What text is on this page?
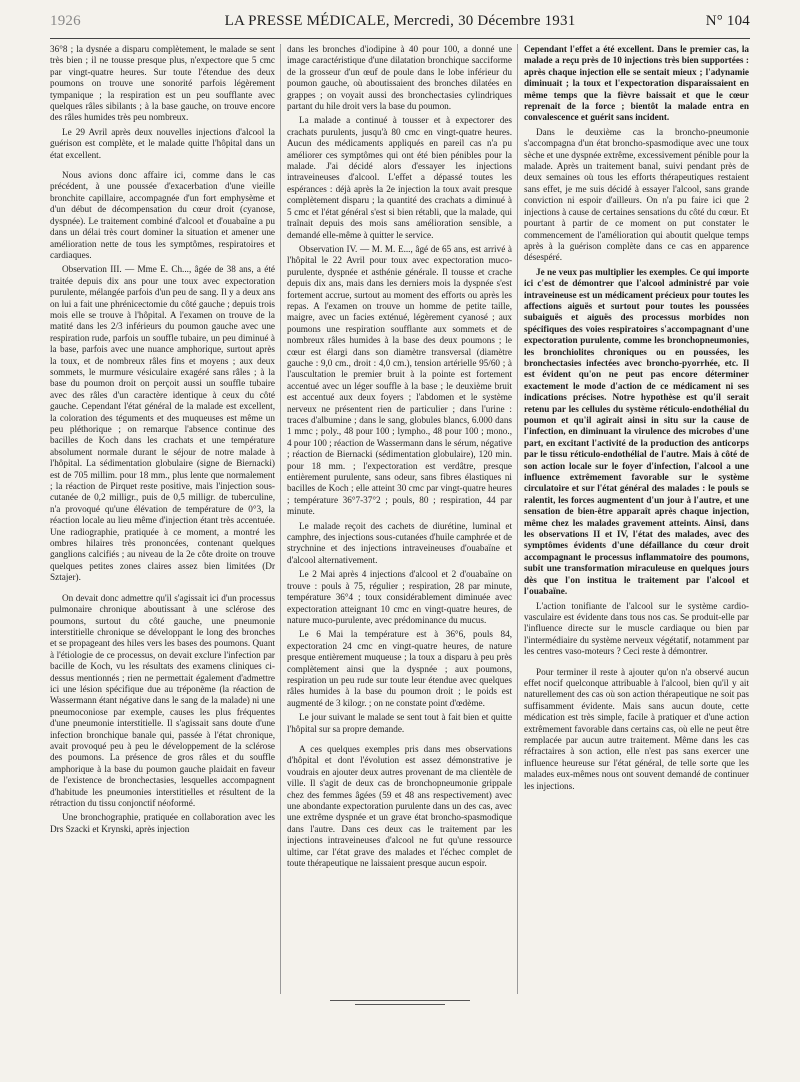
1926	LA PRESSE MÉDICALE, Mercredi, 30 Décembre 1931	N° 104

36°8 ; la dysnée a disparu complètement, le malade se sent très bien ; il ne tousse presque plus, n'expectore que 5 cmc par vingt-quatre heures. Sur toute l'étendue des deux poumons on trouve une sonorité parfois légèrement tympanique ; la respiration est un peu soufflante avec quelques râles sibilants ; à la base gauche, on trouve encore des râles humides très peu nombreux.

Le 29 Avril après deux nouvelles injections d'alcool la guérison est complète, et le malade quitte l'hôpital dans un état excellent.

Nous avions donc affaire ici, comme dans le cas précédent, à une poussée d'exacerbation d'une vieille bronchite capillaire, accompagnée d'un fort emphysème et d'un début de décompensation du cœur droit (cyanose, dyspnée). Le traitement combiné d'alcool et d'ouabaïne a pu dans un délai très court dominer la situation et amener une amélioration nette de tous les symptômes, respiratoires et cardiaques.

Observation III. — Mme E. Ch..., âgée de 38 ans, a été traitée depuis dix ans pour une toux avec expectoration purulente, mélangée parfois d'un peu de sang. Il y a deux ans on lui a fait une phrénicectomie du côté gauche ; depuis trois mois elle se trouve à l'hôpital. A l'examen on trouve de la matité dans les 2/3 inférieurs du poumon gauche avec une respiration rude, parfois un souffle tubaire, un peu diminué à la base, parfois avec une nuance amphorique, surtout après la toux, et de nombreux râles fins et moyens ; aux deux sommets, le murmure vésiculaire exagéré sans râles ; à la base du poumon droit on perçoit aussi un souffle tubaire avec des râles d'un caractère identique à ceux du côté gauche. Cependant l'état général de la malade est excellent, la coloration des téguments et des muqueuses est même un peu pléthorique ; on remarque l'absence continue des bacilles de Koch dans les crachats et une température absolument normale durant le séjour de notre malade à l'hôpital. La sédimentation globulaire (signe de Biernacki) est de 705 millim. pour 18 mm., plus lente que normalement ; la réaction de Pirquet reste positive, mais l'injection sous-cutanée de 0,2 milligr., puis de 0,5 milligr. de tuberculine, n'a provoqué qu'une élévation de température de 0°3, la réaction locale au lieu même d'injection étant très accentuée. Une radiographie, pratiquée à ce moment, a montré les ombres hilaires très prononcées, contenant quelques ganglions calcifiés ; au niveau de la 2e côte droite on trouve quelques petites zones claires assez bien limitées (Dr Sztajer).

On devait donc admettre qu'il s'agissait ici d'un processus pulmonaire chronique aboutissant à une sclérose des poumons, surtout du côté gauche, une pneumonie interstitielle chronique se développant le long des bronches et se propageant des hiles vers les bases des poumons. Quant à l'étiologie de ce processus, on devait exclure l'infection par bacille de Koch, vu les résultats des examens cliniques ci-dessus mentionnés ; rien ne permettait également d'admettre ici une lésion spécifique due au tréponème (la réaction de Wassermann étant négative dans le sang de la malade) ni une pneumoconiose par exemple, causes les plus fréquentes d'une pneumonie interstitielle. Il s'agissait sans doute d'une infection bronchique banale qui, passée à l'état chronique, avait provoqué peu à peu le développement de la sclérose des poumons. La présence de gros râles et du souffle amphorique à la base du poumon gauche plaidait en faveur de l'existence de bronchectasies, lesquelles accompagnent d'habitude les pneumonies interstitielles et résultent de la rétraction du tissu conjonctif néoformé.

Une bronchographie, pratiquée en collaboration avec les Drs Szacki et Krynski, après injection

dans les bronches d'iodipine à 40 pour 100, a donné une image caractéristique d'une dilatation bronchique sacciforme de la grosseur d'un œuf de poule dans le lobe inférieur du poumon gauche, où aboutissaient des bronches dilatées en grappes ; on voyait aussi des bronchectasies cylindriques partant du hile droit vers la base du poumon.

La malade a continué à tousser et à expectorer des crachats purulents, jusqu'à 80 cmc en vingt-quatre heures. Aucun des médicaments appliqués en pareil cas n'a pu améliorer ces symptômes qui ont été bien pénibles pour la malade. J'ai décidé alors d'essayer les injections intraveineuses d'alcool. L'effet a dépassé toutes les espérances : déjà après la 2e injection la toux avait presque complètement disparu ; la quantité des crachats a diminué à 5 cmc et l'état général s'est si bien rétabli, que la malade, qui traînait depuis des mois sans amélioration sensible, a demandé elle-même à quitter le service.

Observation IV. — M. M. E..., âgé de 65 ans, est arrivé à l'hôpital le 22 Avril pour toux avec expectoration muco-purulente, dyspnée et asthénie générale. Il tousse et crache depuis dix ans, mais dans les derniers mois la dyspnée s'est fortement accrue, surtout au moment des efforts ou après les repas. A l'examen on trouve un homme de petite taille, maigre, avec un facies exténué, légèrement cyanosé ; aux poumons une respiration soufflante aux sommets et de nombreux râles humides à la base des deux poumons ; le cœur est élargi dans son diamètre transversal (diamètre gauche : 9,0 cm., droit : 4,0 cm.), tension artérielle 95/60 ; à l'auscultation le premier bruit à la pointe est fortement accentué avec un léger souffle à la base ; le deuxième bruit est accentué aux deux foyers ; l'abdomen et le système nerveux ne présentent rien de particulier ; dans l'urine : traces d'albumine ; dans le sang, globules blancs, 6.000 dans 1 mmc ; poly., 48 pour 100 ; lympho., 48 pour 100 ; mono., 4 pour 100 ; réaction de Wassermann dans le sérum, négative ; réaction de Biernacki (sédimentation globulaire), 120 min. pour 18 mm. ; l'expectoration est verdâtre, presque entièrement purulente, sans odeur, sans fibres élastiques ni bacilles de Koch ; elle atteint 30 cmc par vingt-quatre heures ; température 36°7-37°2 ; pouls, 80 ; respiration, 44 par minute.

Le malade reçoit des cachets de diurétine, luminal et camphre, des injections sous-cutanées d'huile camphrée et de strychnine et des injections intraveineuses d'ouabaïne et d'alcool alternativement.

Le 2 Mai après 4 injections d'alcool et 2 d'ouabaïne on trouve : pouls à 75, régulier ; respiration, 28 par minute, température 36°4 ; toux considérablement diminuée avec expectoration atteignant 10 cmc en vingt-quatre heures, de nature muco-purulente, avec prédominance du mucus.

Le 6 Mai la température est à 36°6, pouls 84, expectoration 24 cmc en vingt-quatre heures, de nature presque entièrement muqueuse ; la toux a disparu à peu près complètement ainsi que la dyspnée ; aux poumons, respiration un peu rude sur toute leur étendue avec quelques râles humides à la base du poumon droit ; le poids est augmenté de 3 kilogr. ; on ne constate point d'œdème.

Le jour suivant le malade se sent tout à fait bien et quitte l'hôpital sur sa propre demande.

A ces quelques exemples pris dans mes observations d'hôpital et dont l'évolution est assez démonstrative je voudrais en ajouter deux autres provenant de ma clientèle de ville. Il s'agit de deux cas de bronchopneumonie grippale chez des femmes âgées (59 et 48 ans respectivement) avec une abondante expectoration purulente dans un des cas, avec une extrême dyspnée et un grave état broncho-spasmodique dans l'autre. Dans ces deux cas le traitement par les injections intraveineuses d'alcool ne fut qu'une ressource ultime, car l'état grave des malades et l'échec complet de toute thérapeutique ne laissaient presque aucun espoir.

Cependant l'effet a été excellent. Dans le premier cas, la malade a reçu près de 10 injections très bien supportées : après chaque injection elle se sentait mieux ; l'adynamie diminuait ; la toux et l'expectoration disparaissaient en même temps que la fièvre baissait et que le cœur reprenait de la force ; bientôt la malade entra en convalescence et guérit sans incident.

Dans le deuxième cas la broncho-pneumonie s'accompagna d'un état broncho-spasmodique avec une toux sèche et une dyspnée extrême, excessivement pénible pour la malade. Après un traitement banal, suivi pendant près de deux semaines où tous les efforts thérapeutiques restaient sans effet, je me suis décidé à essayer l'alcool, sans grande conviction ni espoir d'ailleurs. On n'a pu faire ici que 2 injections à cause de certaines sensations du côté du cœur. Et pourtant à partir de ce moment on put constater le commencement de l'amélioration qui aboutit quelque temps après à la guérison complète dans ce cas en apparence désespéré.

Je ne veux pas multiplier les exemples. Ce qui importe ici c'est de démontrer que l'alcool administré par voie intraveineuse est un médicament précieux pour toutes les affections aiguës et surtout pour toutes les poussées subaiguës et aiguës des processus morbides non spécifiques des voies respiratoires s'accompagnant d'une expectoration purulente, comme les bronchopneumonies, les bronchiolites chroniques ou en poussées, les bronchectasies infectées avec broncho-pyorrhée, etc. Il est évident qu'on ne peut pas encore déterminer exactement le mode d'action de ce médicament ni ses indications précises. Notre hypothèse est qu'il serait retenu par les cellules du système réticulo-endothélial du poumon et qu'il agirait ainsi in situ sur la cause de l'infection, en diminuant la virulence des microbes d'une part, en excitant l'activité de la production des anticorps par le tissu réticulo-endothélial de l'autre. Mais à côté de son action locale sur le foyer d'infection, l'alcool a une influence extrêmement favorable sur le système circulatoire et sur l'état général des malades : le pouls se ralentit, les forces augmentent d'un jour à l'autre, et une sensation de bien-être apparaît après chaque injection, même chez les malades gravement atteints. Ainsi, dans les observations II et IV, l'état des malades, avec des symptômes évidents d'une défaillance du cœur droit accompagnant le processus inflammatoire des poumons, subit une transformation miraculeuse en quelques jours dès que l'on institua le traitement par l'alcool et l'ouabaïne.

L'action tonifiante de l'alcool sur le système cardio-vasculaire est évidente dans tous nos cas. Se produit-elle par l'influence directe sur le muscle cardiaque ou bien par l'intermédiaire du système nerveux végétatif, notamment par les centres vaso-moteurs ? Ceci reste à démontrer.

Pour terminer il reste à ajouter qu'on n'a observé aucun effet nocif quelconque attribuable à l'alcool, bien qu'il y ait naturellement des cas où son action thérapeutique ne soit pas suffisamment évidente. Mais sans aucun doute, cette médication est très simple, facile à pratiquer et d'une action extrêmement favorable dans certains cas, où elle ne peut être remplacée par aucun autre traitement. Même dans les cas réfractaires à son action, elle n'est pas sans exercer une influence heureuse sur l'état général, de telle sorte que les malades eux-mêmes nous ont souvent demandé de continuer les injections.
